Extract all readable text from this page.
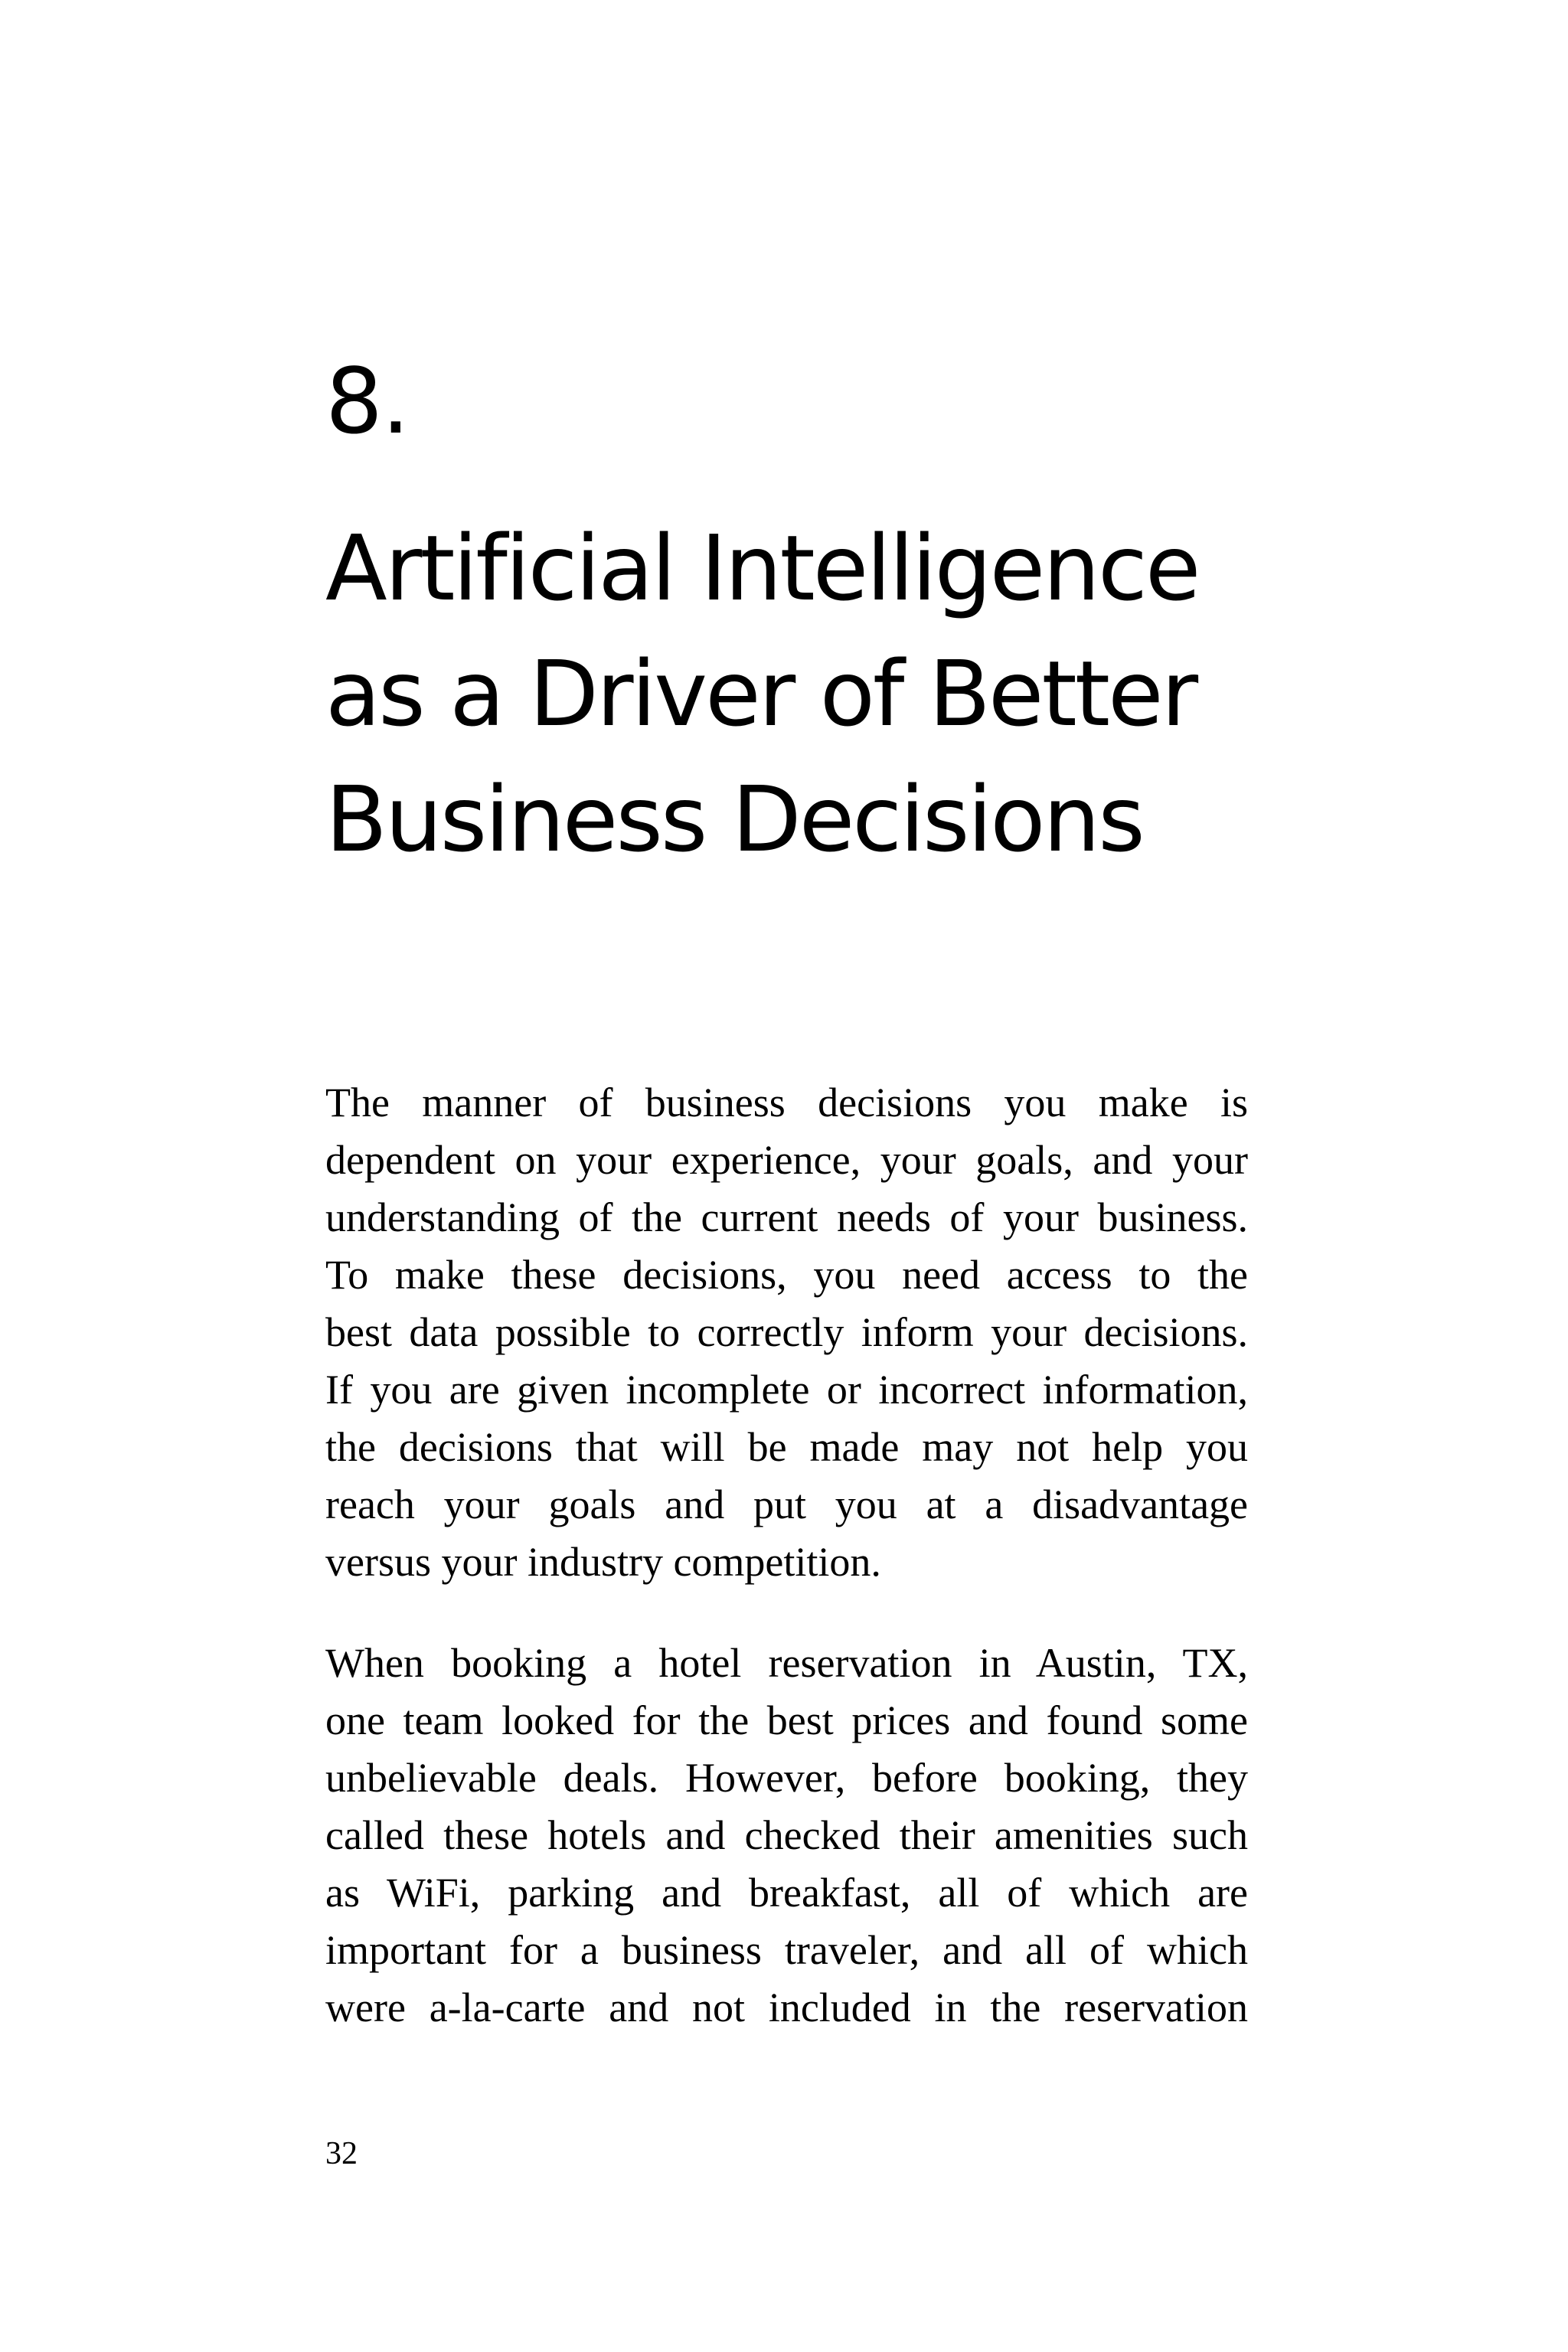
8.
Artificial Intelligence
as a Driver of Better
Business Decisions

The manner of business decisions you make is
dependent on your experience, your goals, and your
understanding of the current needs of your business.
To make these decisions, you need access to the
best data possible to correctly inform your decisions.
If you are given incomplete or incorrect information,
the decisions that will be made may not help you
reach your goals and put you at a disadvantage
versus your industry competition.

When booking a hotel reservation in Austin, TX,
one team looked for the best prices and found some
unbelievable deals. However, before booking, they
called these hotels and checked their amenities such
as WiFi, parking and breakfast, all of which are
important for a business traveler, and all of which
were a-la-carte and not included in the reservation

32
